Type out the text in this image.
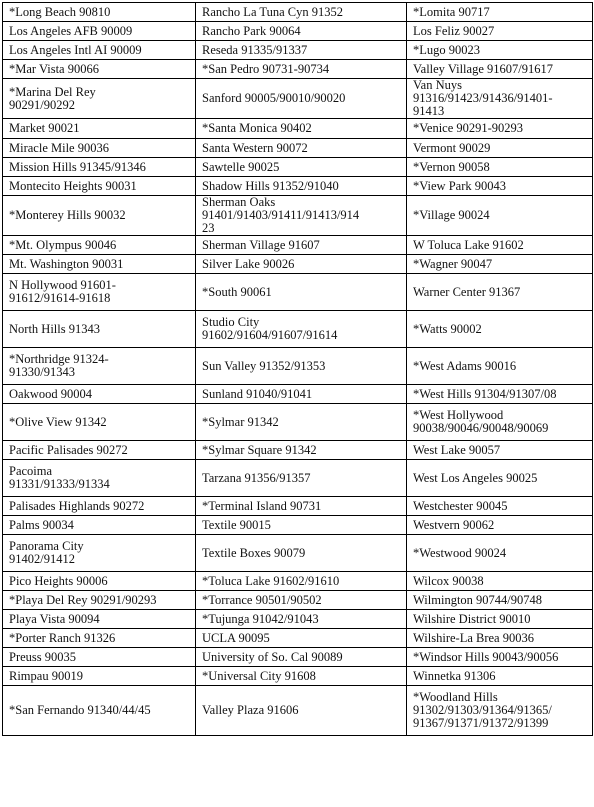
*Long Beach 90810	Rancho La Tuna Cyn 91352	*Lomita 90717
Los Angeles AFB 90009	Rancho Park 90064	Los Feliz 90027
Los Angeles Intl AI 90009	Reseda 91335/91337	*Lugo 90023
*Mar Vista 90066	*San Pedro 90731-90734	Valley Village 91607/91617
*Marina Del Rey
90291/90292	Sanford 90005/90010/90020	Van Nuys
91316/91423/91436/91401-
91413
Market 90021	*Santa Monica 90402	*Venice 90291-90293
Miracle Mile 90036	Santa Western 90072	Vermont 90029
Mission Hills 91345/91346	Sawtelle 90025	*Vernon 90058
Montecito Heights 90031	Shadow Hills 91352/91040	*View Park 90043
*Monterey Hills 90032	Sherman Oaks
91401/91403/91411/91413/914
23	*Village 90024
*Mt. Olympus 90046	Sherman Village 91607	W Toluca Lake 91602
Mt. Washington 90031	Silver Lake 90026	*Wagner 90047
N Hollywood 91601-
91612/91614-91618	*South 90061	Warner Center 91367
North Hills 91343	Studio City
91602/91604/91607/91614	*Watts 90002
*Northridge 91324-
91330/91343	Sun Valley 91352/91353	*West Adams 90016
Oakwood 90004	Sunland 91040/91041	*West Hills 91304/91307/08
*Olive View 91342	*Sylmar 91342	*West Hollywood
90038/90046/90048/90069
Pacific Palisades 90272	*Sylmar Square 91342	West Lake 90057
Pacoima
91331/91333/91334	Tarzana 91356/91357	West Los Angeles 90025
Palisades Highlands 90272	*Terminal Island 90731	Westchester 90045
Palms 90034	Textile 90015	Westvern 90062
Panorama City
91402/91412	Textile Boxes 90079	*Westwood 90024
Pico Heights 90006	*Toluca Lake 91602/91610	Wilcox 90038
*Playa Del Rey 90291/90293	*Torrance 90501/90502	Wilmington 90744/90748
Playa Vista 90094	*Tujunga 91042/91043	Wilshire District 90010
*Porter Ranch 91326	UCLA 90095	Wilshire-La Brea 90036
Preuss 90035	University of So. Cal 90089	*Windsor Hills 90043/90056
Rimpau 90019	*Universal City 91608	Winnetka 91306
*San Fernando 91340/44/45	Valley Plaza 91606	*Woodland Hills
91302/91303/91364/91365/
91367/91371/91372/91399
